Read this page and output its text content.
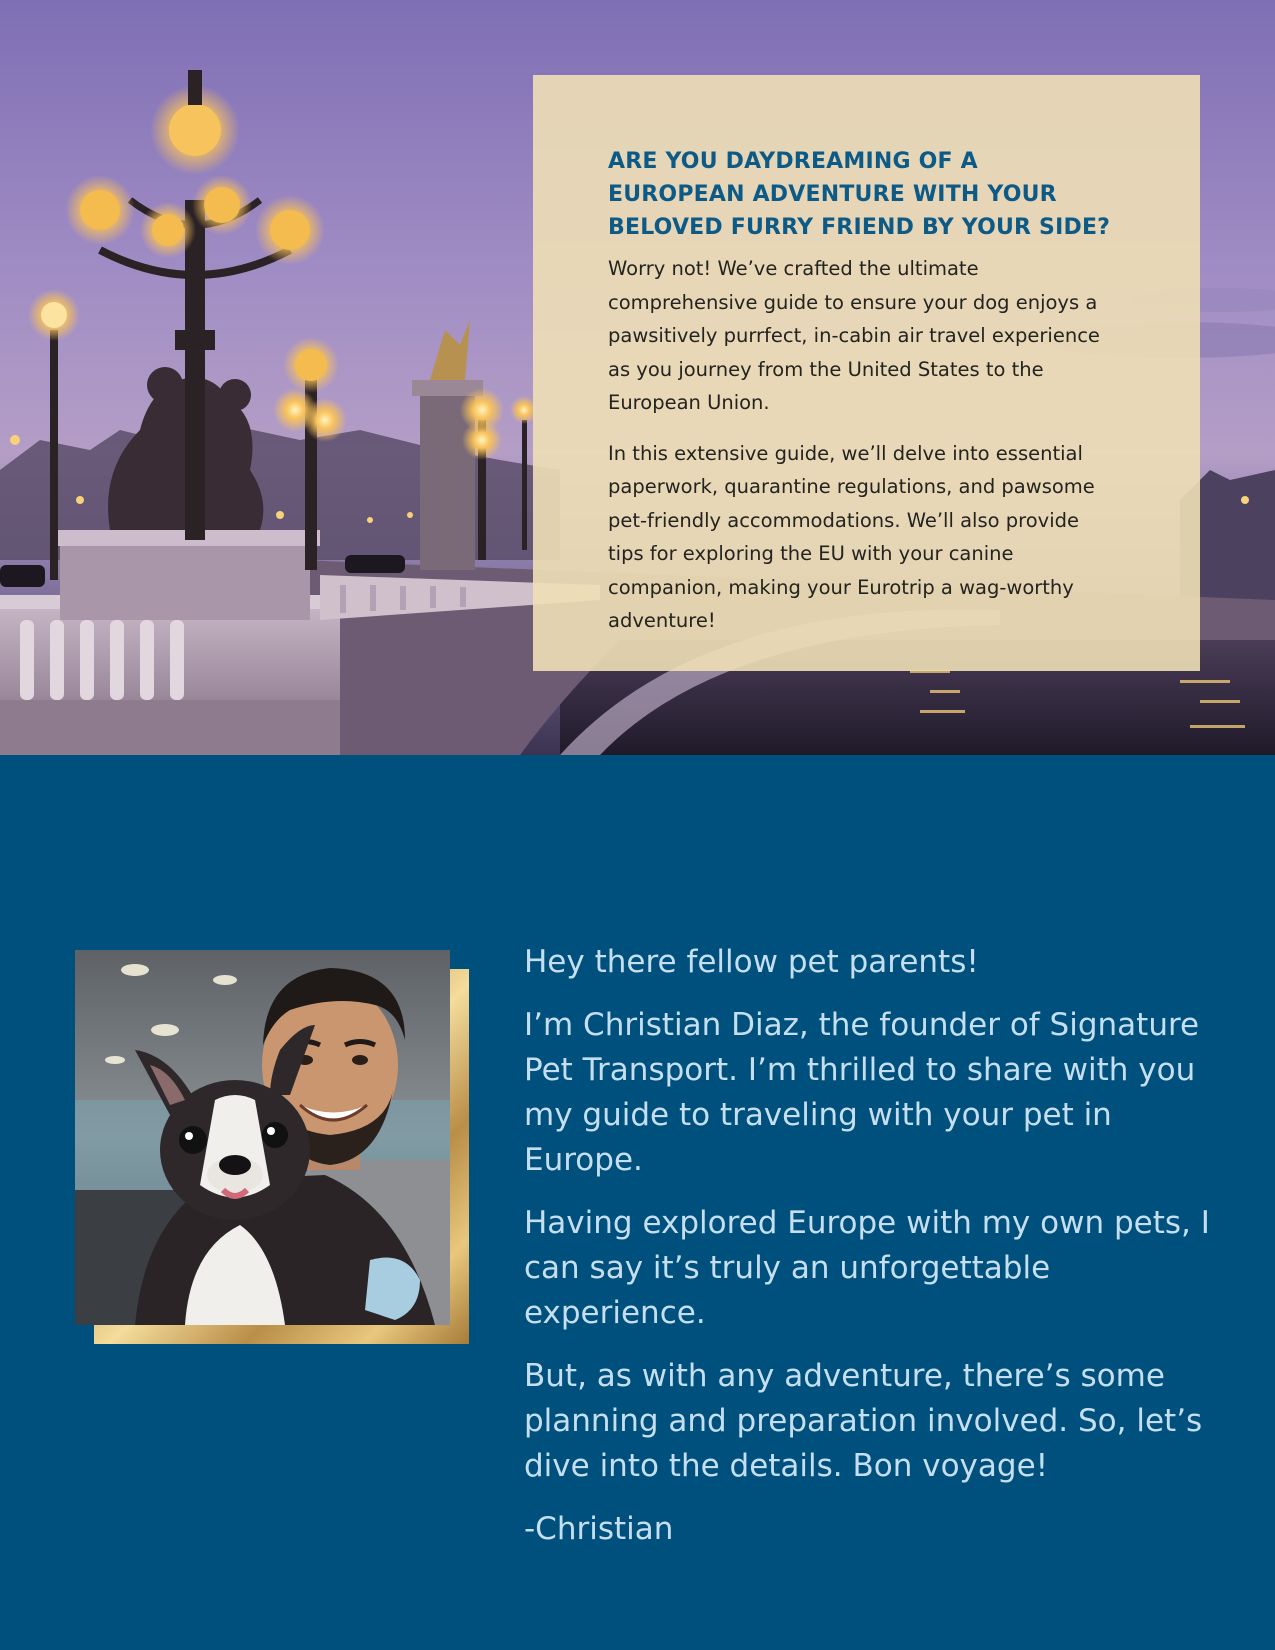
ARE YOU DAYDREAMING OF A EUROPEAN ADVENTURE WITH YOUR BELOVED FURRY FRIEND BY YOUR SIDE?

Worry not! We’ve crafted the ultimate comprehensive guide to ensure your dog enjoys a pawsitively purrfect, in-cabin air travel experience as you journey from the United States to the European Union.

In this extensive guide, we’ll delve into essential paperwork, quarantine regulations, and pawsome pet-friendly accommodations. We’ll also provide tips for exploring the EU with your canine companion, making your Eurotrip a wag-worthy adventure!

Hey there fellow pet parents!

I’m Christian Diaz, the founder of Signature Pet Transport. I’m thrilled to share with you my guide to traveling with your pet in Europe.

Having explored Europe with my own pets, I can say it’s truly an unforgettable experience.

But, as with any adventure, there’s some planning and preparation involved. So, let’s dive into the details. Bon voyage!

-Christian
